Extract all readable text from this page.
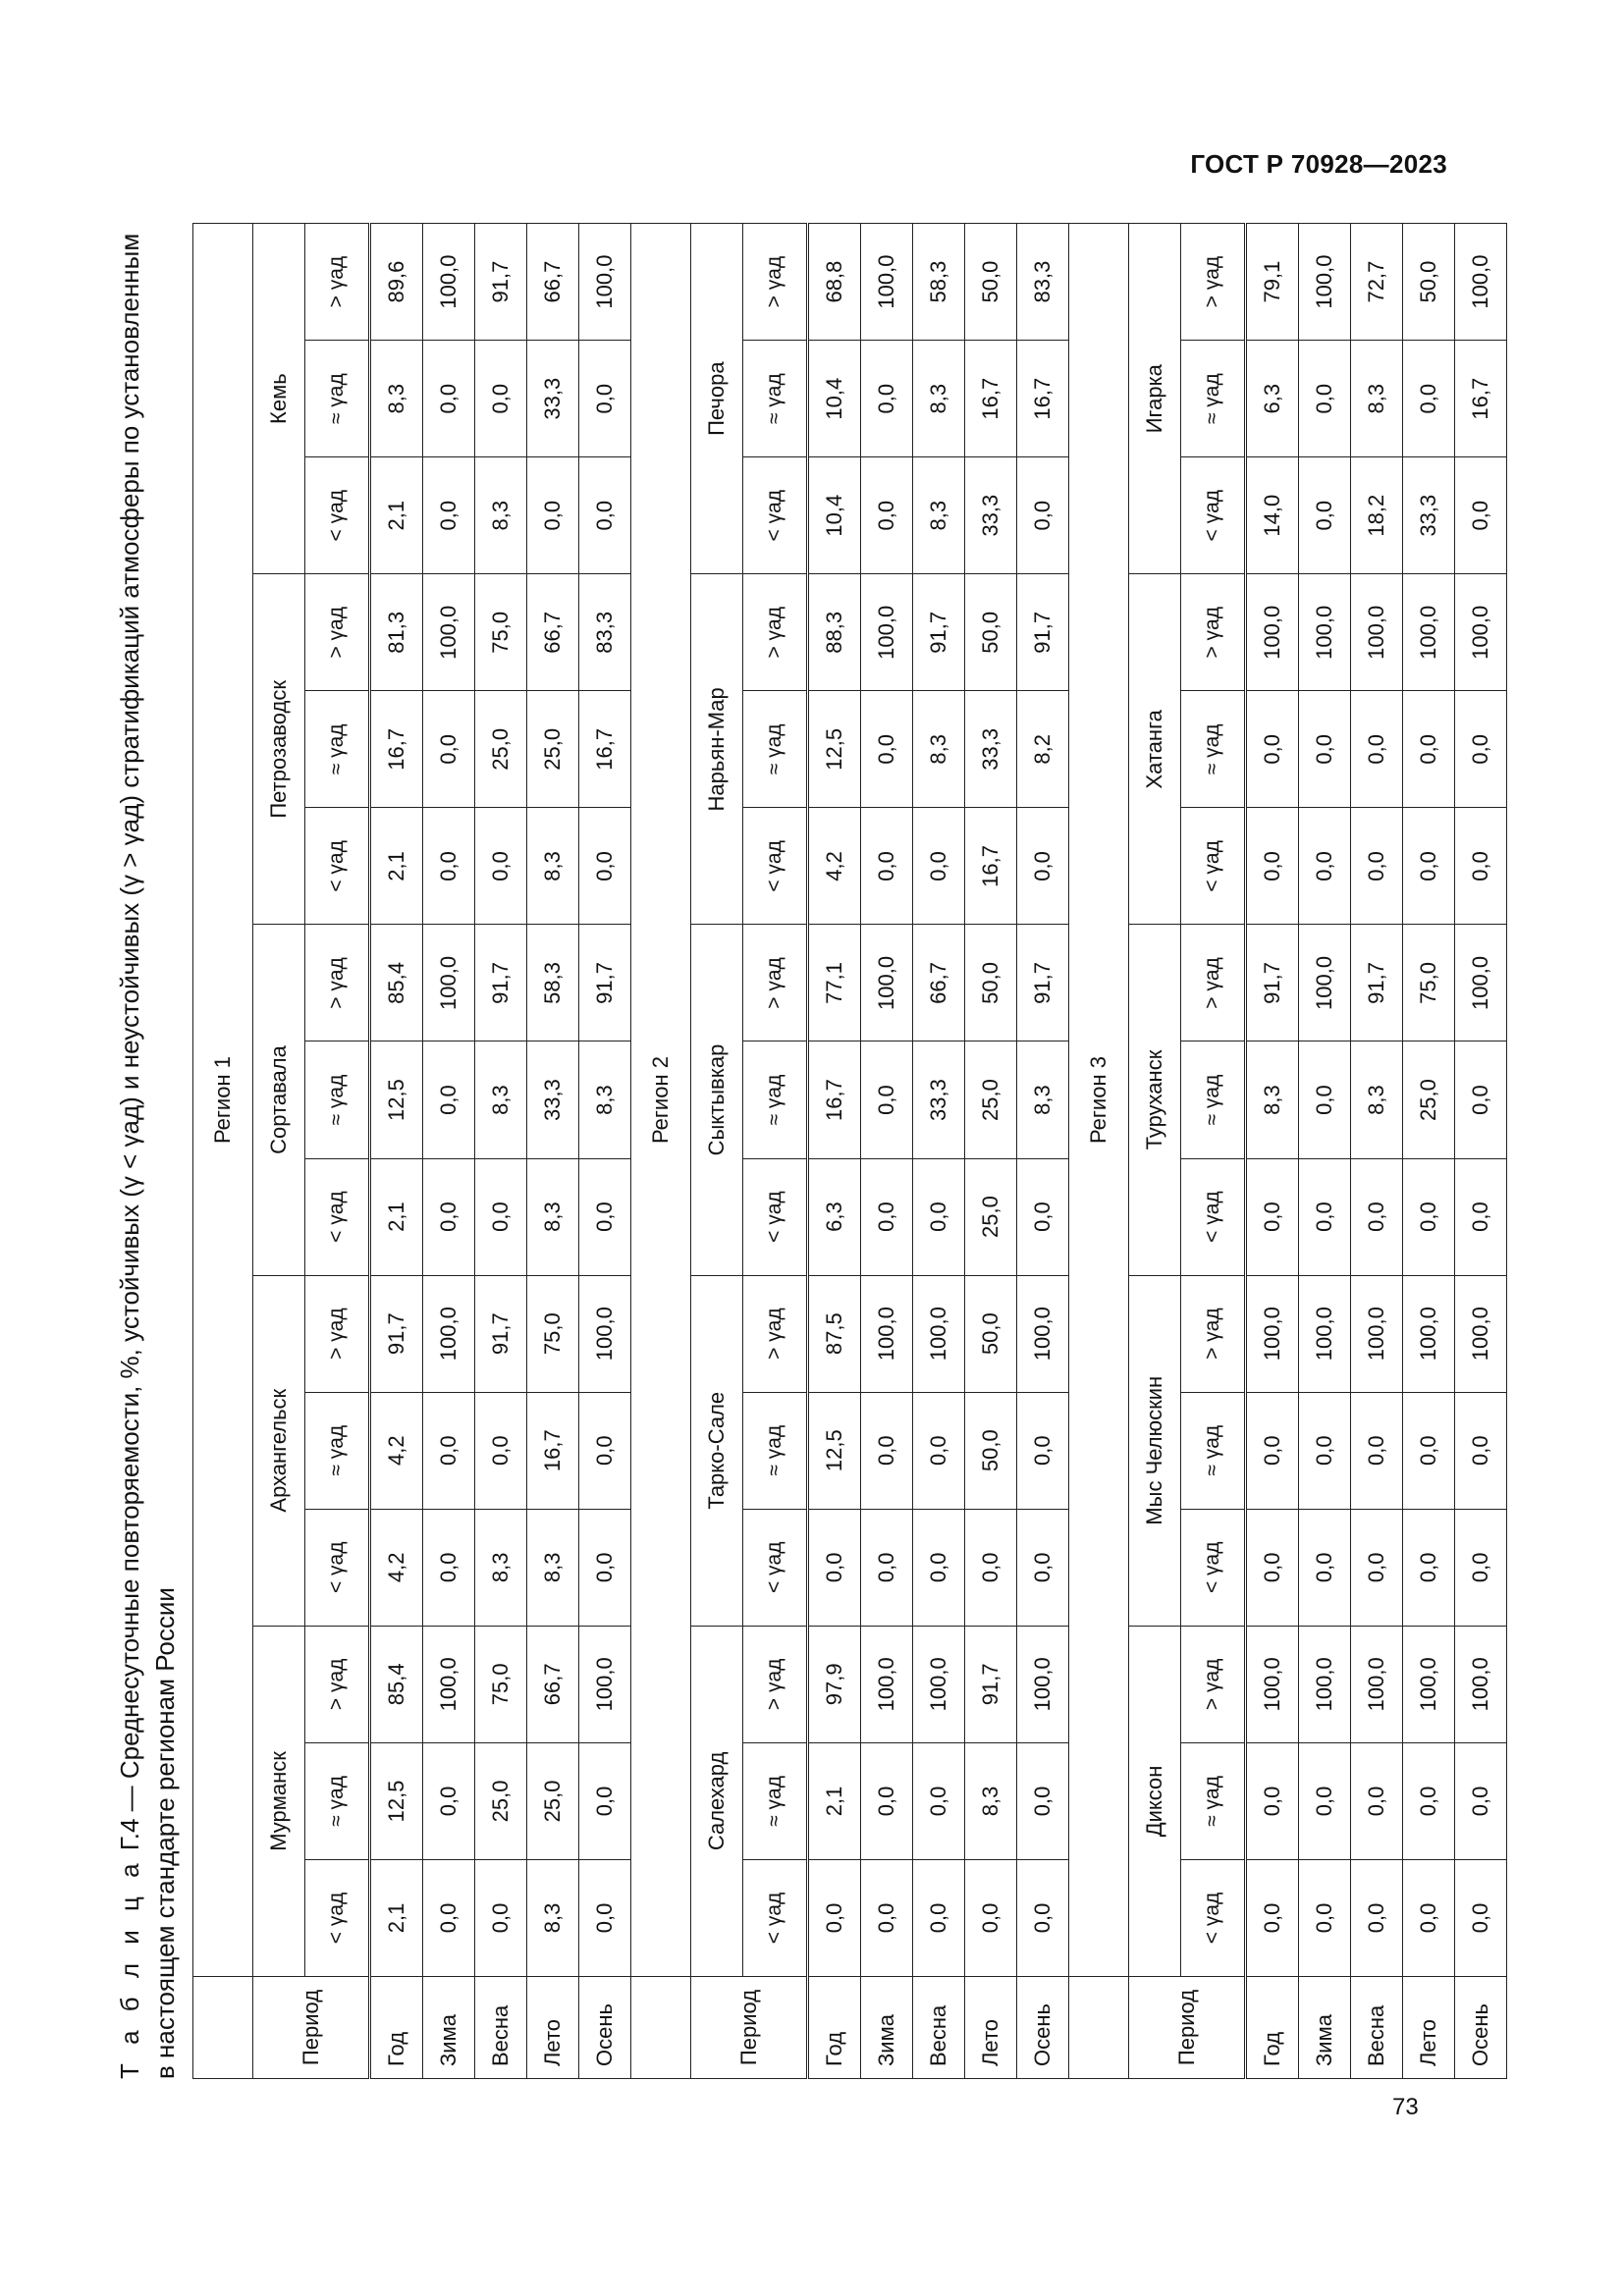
ГОСТ Р 70928—2023
Т а б л и ц а Г.4 — Среднесуточные повторяемости, %, устойчивых (γ < γад) и неустойчивых (γ > γад) стратификаций атмосферы по установленным в настоящем стандарте регионам России
	Регион 1														
Период	Мурманск			Архангельск			Сортавала			Петрозаводск			Кемь		
	< γад	≈ γад	> γад	< γад	≈ γад	> γад	< γад	≈ γад	> γад	< γад	≈ γад	> γад	< γад	≈ γад	> γад
Год	2,1	12,5	85,4	4,2	4,2	91,7	2,1	12,5	85,4	2,1	16,7	81,3	2,1	8,3	89,6
Зима	0,0	0,0	100,0	0,0	0,0	100,0	0,0	0,0	100,0	0,0	0,0	100,0	0,0	0,0	100,0
Весна	0,0	25,0	75,0	8,3	0,0	91,7	0,0	8,3	91,7	0,0	25,0	75,0	8,3	0,0	91,7
Лето	8,3	25,0	66,7	8,3	16,7	75,0	8,3	33,3	58,3	8,3	25,0	66,7	0,0	33,3	66,7
Осень	0,0	0,0	100,0	0,0	0,0	100,0	0,0	8,3	91,7	0,0	16,7	83,3	0,0	0,0	100,0
	Регион 2														
Период	Салехард			Тарко-Сале			Сыктывкар			Нарьян-Мар			Печора		
	< γад	≈ γад	> γад	< γад	≈ γад	> γад	< γад	≈ γад	> γад	< γад	≈ γад	> γад	< γад	≈ γад	> γад
Год	0,0	2,1	97,9	0,0	12,5	87,5	6,3	16,7	77,1	4,2	12,5	88,3	10,4	10,4	68,8
Зима	0,0	0,0	100,0	0,0	0,0	100,0	0,0	0,0	100,0	0,0	0,0	100,0	0,0	0,0	100,0
Весна	0,0	0,0	100,0	0,0	0,0	100,0	0,0	33,3	66,7	0,0	8,3	91,7	8,3	8,3	58,3
Лето	0,0	8,3	91,7	0,0	50,0	50,0	25,0	25,0	50,0	16,7	33,3	50,0	33,3	16,7	50,0
Осень	0,0	0,0	100,0	0,0	0,0	100,0	0,0	8,3	91,7	0,0	8,2	91,7	0,0	16,7	83,3
	Регион 3														
Период	Диксон			Мыс Челюскин			Туруханск			Хатанга			Игарка		
	< γад	≈ γад	> γад	< γад	≈ γад	> γад	< γад	≈ γад	> γад	< γад	≈ γад	> γад	< γад	≈ γад	> γад
Год	0,0	0,0	100,0	0,0	0,0	100,0	0,0	8,3	91,7	0,0	0,0	100,0	14,0	6,3	79,1
Зима	0,0	0,0	100,0	0,0	0,0	100,0	0,0	0,0	100,0	0,0	0,0	100,0	0,0	0,0	100,0
Весна	0,0	0,0	100,0	0,0	0,0	100,0	0,0	8,3	91,7	0,0	0,0	100,0	18,2	8,3	72,7
Лето	0,0	0,0	100,0	0,0	0,0	100,0	0,0	25,0	75,0	0,0	0,0	100,0	33,3	0,0	50,0
Осень	0,0	0,0	100,0	0,0	0,0	100,0	0,0	0,0	100,0	0,0	0,0	100,0	0,0	16,7	100,0
73
